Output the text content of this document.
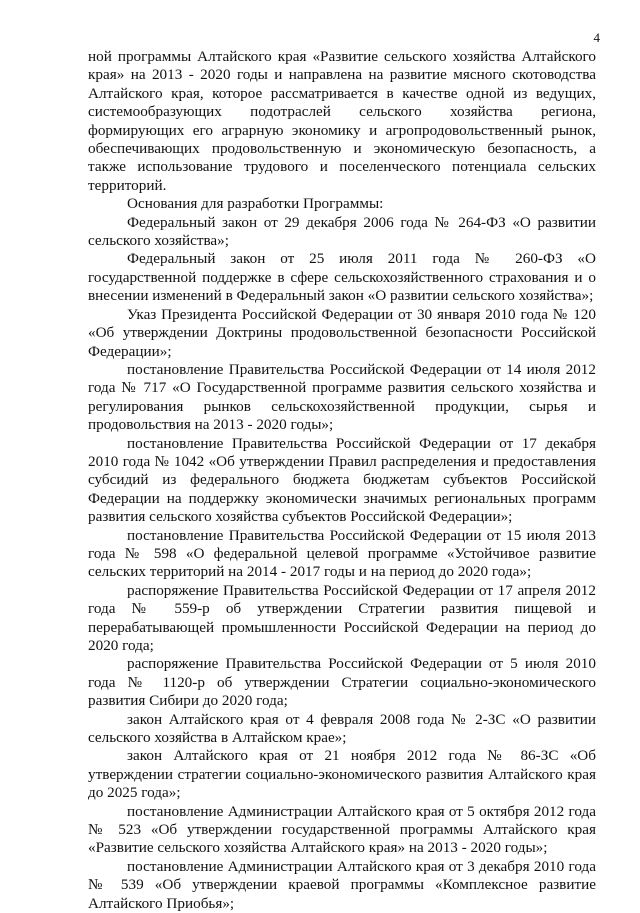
4

ной программы Алтайского края «Развитие сельского хозяйства Алтайского края» на 2013 - 2020 годы и направлена на развитие мясного скотоводства Алтайского края, которое рассматривается в качестве одной из ведущих, системообразующих подотраслей сельского хозяйства региона, формирующих его аграрную экономику и агропродовольственный рынок, обеспечивающих продовольственную и экономическую безопасность, а также использование трудового и поселенческого потенциала сельских территорий.

Основания для разработки Программы:

Федеральный закон от 29 декабря 2006 года № 264-ФЗ «О развитии сельского хозяйства»;

Федеральный закон от 25 июля 2011 года № 260-ФЗ «О государственной поддержке в сфере сельскохозяйственного страхования и о внесении изменений в Федеральный закон «О развитии сельского хозяйства»;

Указ Президента Российской Федерации от 30 января 2010 года № 120 «Об утверждении Доктрины продовольственной безопасности Российской Федерации»;

постановление Правительства Российской Федерации от 14 июля 2012 года № 717 «О Государственной программе развития сельского хозяйства и регулирования рынков сельскохозяйственной продукции, сырья и продовольствия на 2013 - 2020 годы»;

постановление Правительства Российской Федерации от 17 декабря 2010 года № 1042 «Об утверждении Правил распределения и предоставления субсидий из федерального бюджета бюджетам субъектов Российской Федерации на поддержку экономически значимых региональных программ развития сельского хозяйства субъектов Российской Федерации»;

постановление Правительства Российской Федерации от 15 июля 2013 года № 598 «О федеральной целевой программе «Устойчивое развитие сельских территорий на 2014 - 2017 годы и на период до 2020 года»;

распоряжение Правительства Российской Федерации от 17 апреля 2012 года № 559-р об утверждении Стратегии развития пищевой и перерабатывающей промышленности Российской Федерации на период до 2020 года;

распоряжение Правительства Российской Федерации от 5 июля 2010 года № 1120-р об утверждении Стратегии социально-экономического развития Сибири до 2020 года;

закон Алтайского края от 4 февраля 2008 года № 2-ЗС «О развитии сельского хозяйства в Алтайском крае»;

закон Алтайского края от 21 ноября 2012 года № 86-ЗС «Об утверждении стратегии социально-экономического развития Алтайского края до 2025 года»;

постановление Администрации Алтайского края от 5 октября 2012 года № 523 «Об утверждении государственной программы Алтайского края «Развитие сельского хозяйства Алтайского края» на 2013 - 2020 годы»;

постановление Администрации Алтайского края от 3 декабря 2010 года № 539 «Об утверждении краевой программы «Комплексное развитие Алтайского Приобья»;
